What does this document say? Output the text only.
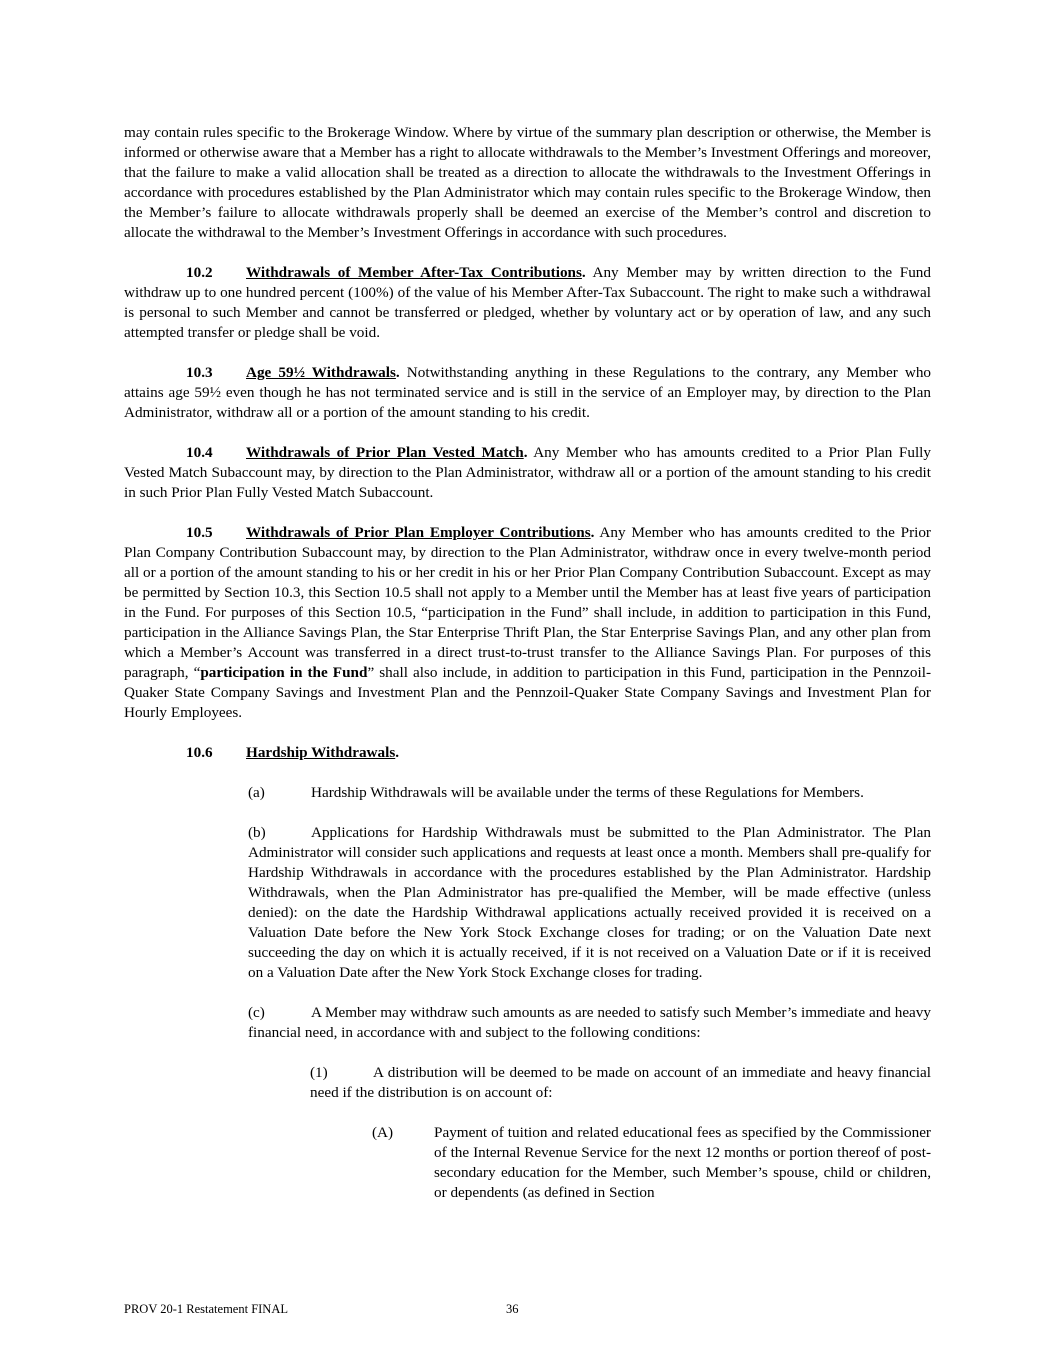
may contain rules specific to the Brokerage Window. Where by virtue of the summary plan description or otherwise, the Member is informed or otherwise aware that a Member has a right to allocate withdrawals to the Member’s Investment Offerings and moreover, that the failure to make a valid allocation shall be treated as a direction to allocate the withdrawals to the Investment Offerings in accordance with procedures established by the Plan Administrator which may contain rules specific to the Brokerage Window, then the Member’s failure to allocate withdrawals properly shall be deemed an exercise of the Member’s control and discretion to allocate the withdrawal to the Member’s Investment Offerings in accordance with such procedures.

10.2 Withdrawals of Member After-Tax Contributions. Any Member may by written direction to the Fund withdraw up to one hundred percent (100%) of the value of his Member After-Tax Subaccount. The right to make such a withdrawal is personal to such Member and cannot be transferred or pledged, whether by voluntary act or by operation of law, and any such attempted transfer or pledge shall be void.

10.3 Age 59½ Withdrawals. Notwithstanding anything in these Regulations to the contrary, any Member who attains age 59½ even though he has not terminated service and is still in the service of an Employer may, by direction to the Plan Administrator, withdraw all or a portion of the amount standing to his credit.

10.4 Withdrawals of Prior Plan Vested Match. Any Member who has amounts credited to a Prior Plan Fully Vested Match Subaccount may, by direction to the Plan Administrator, withdraw all or a portion of the amount standing to his credit in such Prior Plan Fully Vested Match Subaccount.

10.5 Withdrawals of Prior Plan Employer Contributions. Any Member who has amounts credited to the Prior Plan Company Contribution Subaccount may, by direction to the Plan Administrator, withdraw once in every twelve-month period all or a portion of the amount standing to his or her credit in his or her Prior Plan Company Contribution Subaccount. Except as may be permitted by Section 10.3, this Section 10.5 shall not apply to a Member until the Member has at least five years of participation in the Fund. For purposes of this Section 10.5, “participation in the Fund” shall include, in addition to participation in this Fund, participation in the Alliance Savings Plan, the Star Enterprise Thrift Plan, the Star Enterprise Savings Plan, and any other plan from which a Member’s Account was transferred in a direct trust-to-trust transfer to the Alliance Savings Plan. For purposes of this paragraph, “participation in the Fund” shall also include, in addition to participation in this Fund, participation in the Pennzoil-Quaker State Company Savings and Investment Plan and the Pennzoil-Quaker State Company Savings and Investment Plan for Hourly Employees.

10.6 Hardship Withdrawals.

(a)	Hardship Withdrawals will be available under the terms of these Regulations for Members.

(b)	Applications for Hardship Withdrawals must be submitted to the Plan Administrator. The Plan Administrator will consider such applications and requests at least once a month. Members shall pre-qualify for Hardship Withdrawals in accordance with the procedures established by the Plan Administrator. Hardship Withdrawals, when the Plan Administrator has pre-qualified the Member, will be made effective (unless denied): on the date the Hardship Withdrawal applications actually received provided it is received on a Valuation Date before the New York Stock Exchange closes for trading; or on the Valuation Date next succeeding the day on which it is actually received, if it is not received on a Valuation Date or if it is received on a Valuation Date after the New York Stock Exchange closes for trading.

(c)	A Member may withdraw such amounts as are needed to satisfy such Member’s immediate and heavy financial need, in accordance with and subject to the following conditions:

(1)	A distribution will be deemed to be made on account of an immediate and heavy financial need if the distribution is on account of:

(A)	Payment of tuition and related educational fees as specified by the Commissioner of the Internal Revenue Service for the next 12 months or portion thereof of post-secondary education for the Member, such Member’s spouse, child or children, or dependents (as defined in Section
PROV 20-1 Restatement FINAL	36
